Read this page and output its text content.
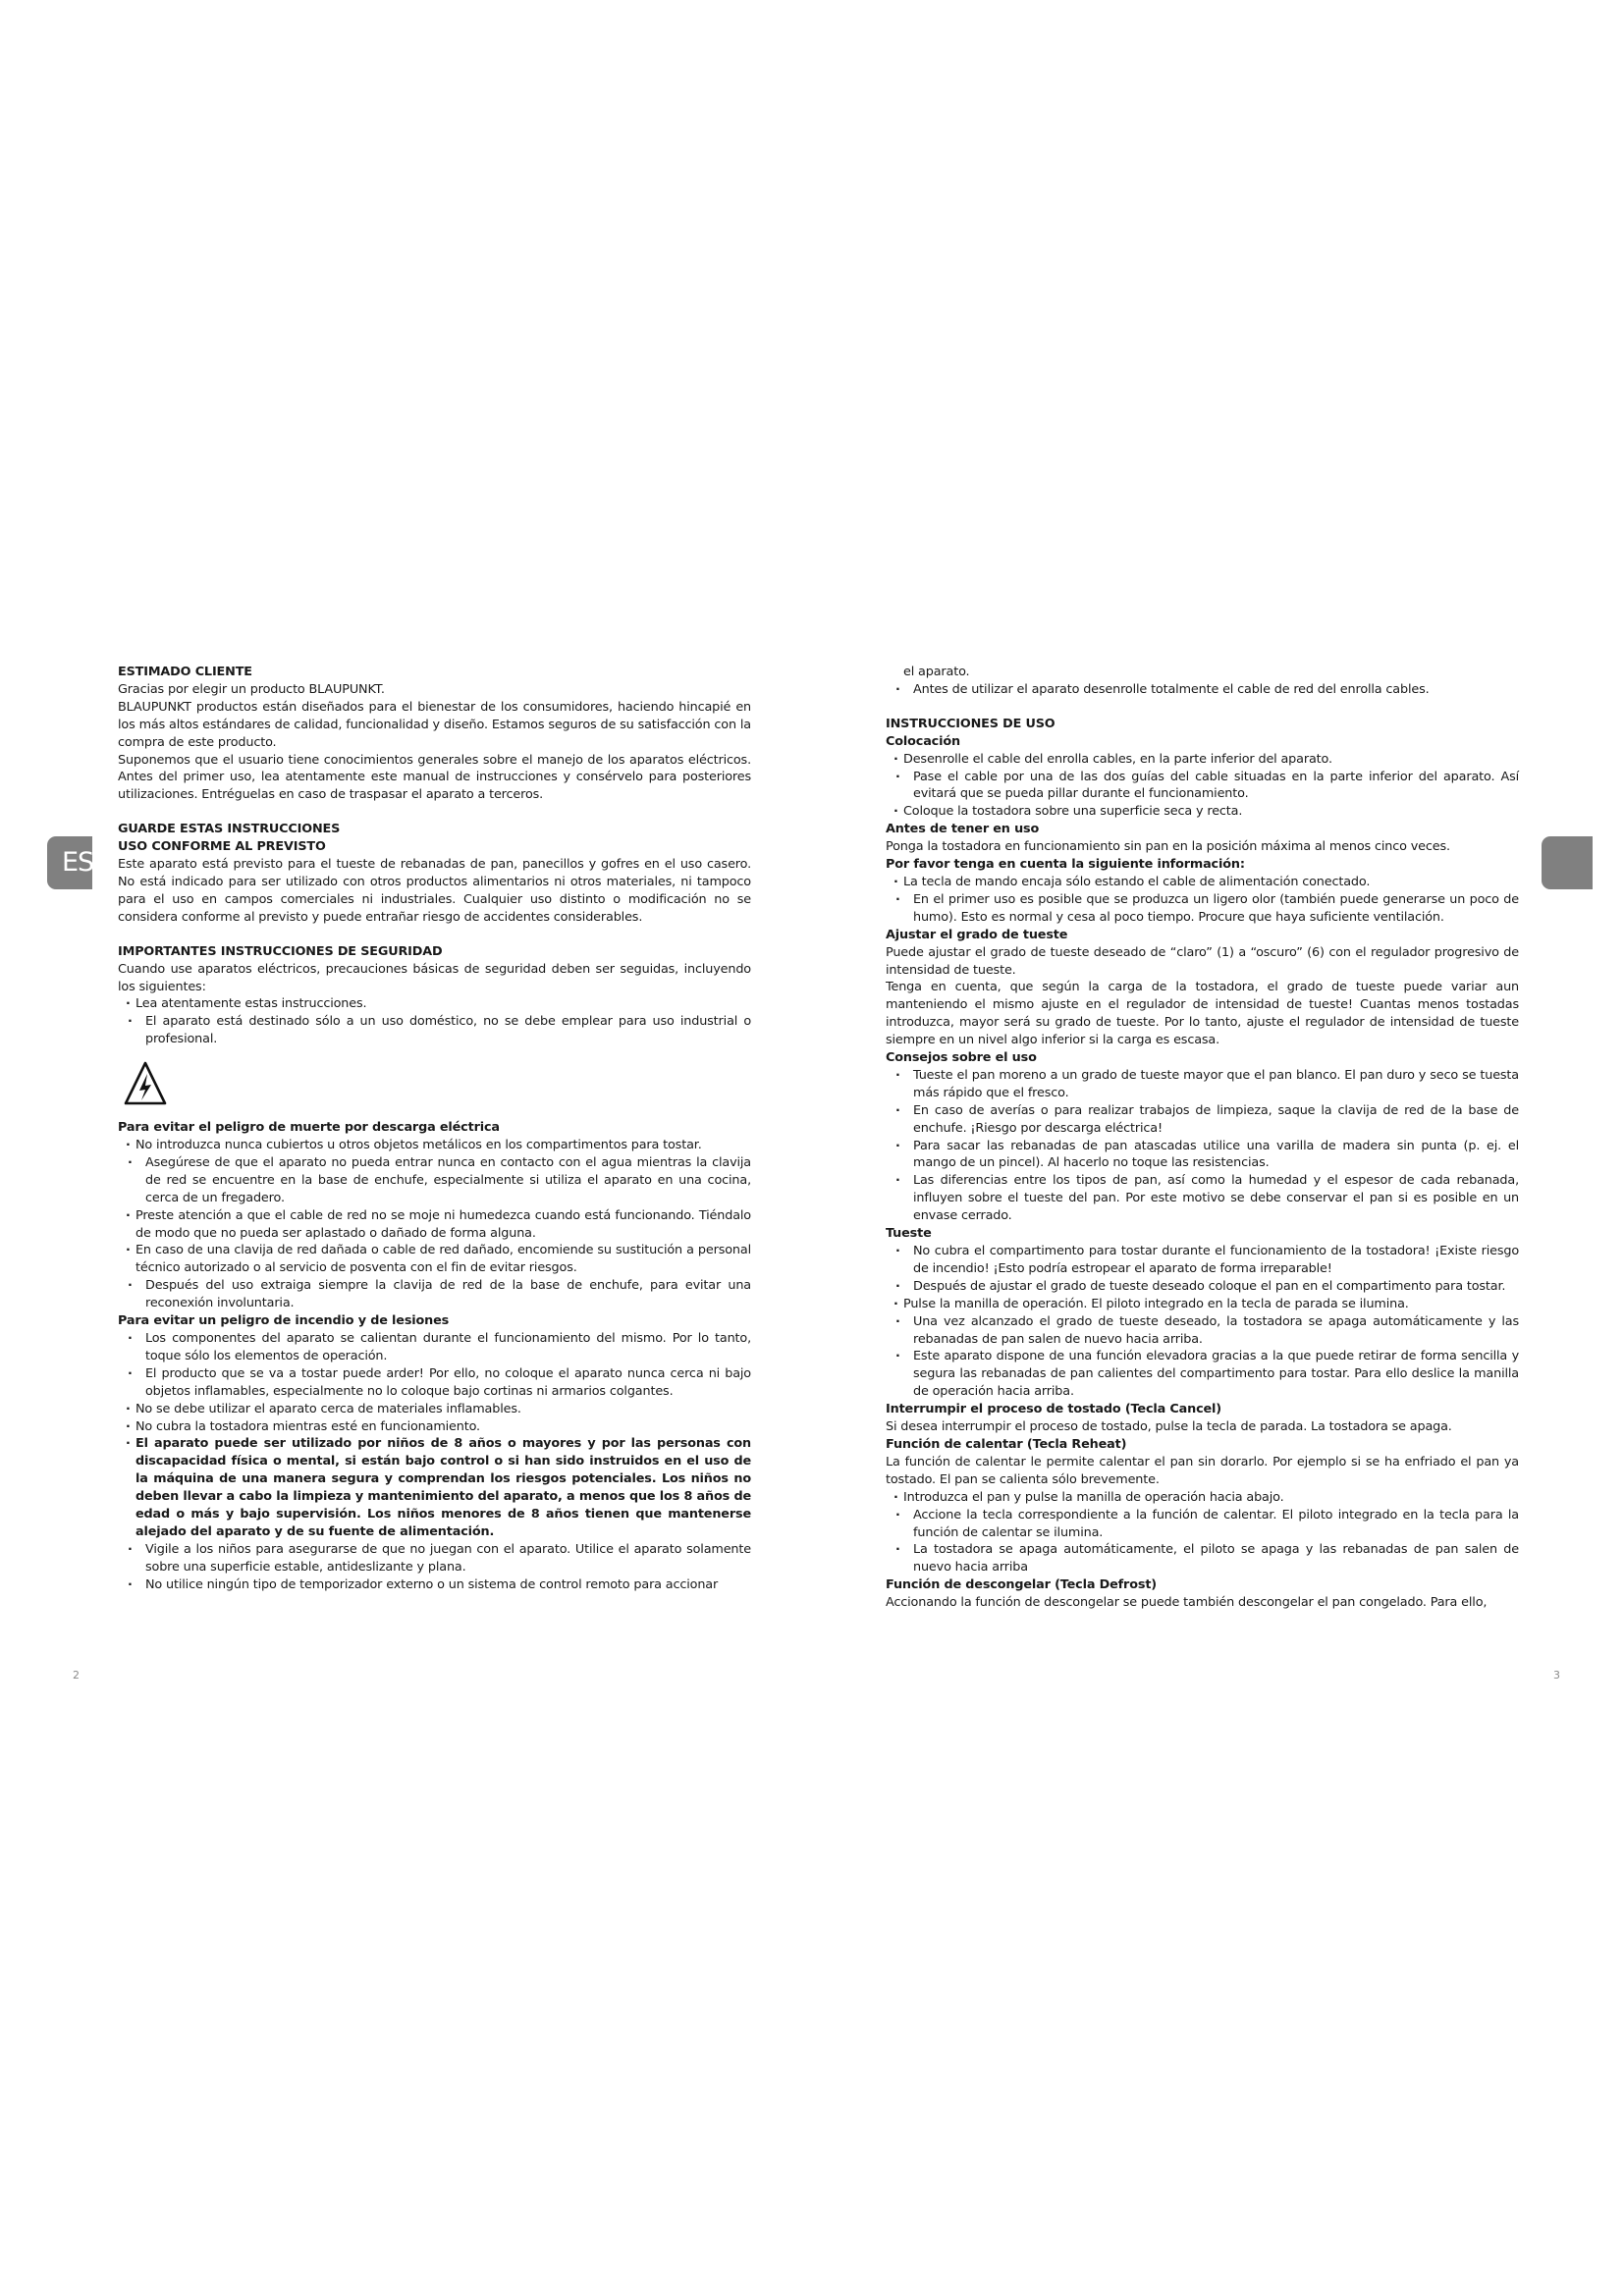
ESE

ESTIMADO CLIENTE

Gracias por elegir un producto BLAUPUNKT.

BLAUPUNKT productos están diseñados para el bienestar de los consumidores, haciendo hincapié en los más altos estándares de calidad, funcionalidad y diseño. Estamos seguros de su satisfacción con la compra de este producto.

Suponemos que el usuario tiene conocimientos generales sobre el manejo de los aparatos eléctricos. Antes del primer uso, lea atentamente este manual de instrucciones y consérvelo para posteriores utilizaciones. Entréguelas en caso de traspasar el aparato a terceros.

GUARDE ESTAS INSTRUCCIONES

USO CONFORME AL PREVISTO

Este aparato está previsto para el tueste de rebanadas de pan, panecillos y gofres en el uso casero. No está indicado para ser utilizado con otros productos alimentarios ni otros materiales, ni tampoco para el uso en campos comerciales ni industriales. Cualquier uso distinto o modificación no se considera conforme al previsto y puede entrañar riesgo de accidentes considerables.

IMPORTANTES INSTRUCCIONES DE SEGURIDAD

Cuando use aparatos eléctricos, precauciones básicas de seguridad deben ser seguidas, incluyendo los siguientes:

· Lea atentamente estas instrucciones.
· El aparato está destinado sólo a un uso doméstico, no se debe emplear para uso industrial o profesional.

Para evitar el peligro de muerte por descarga eléctrica

· No introduzca nunca cubiertos u otros objetos metálicos en los compartimentos para tostar.
· Asegúrese de que el aparato no pueda entrar nunca en contacto con el agua mientras la clavija de red se encuentre en la base de enchufe, especialmente si utiliza el aparato en una cocina, cerca de un fregadero.
· Preste atención a que el cable de red no se moje ni humedezca cuando está funcionando. Tiéndalo de modo que no pueda ser aplastado o dañado de forma alguna.
· En caso de una clavija de red dañada o cable de red dañado, encomiende su sustitución a personal técnico autorizado o al servicio de posventa con el fin de evitar riesgos.
· Después del uso extraiga siempre la clavija de red de la base de enchufe, para evitar una reconexión involuntaria.

Para evitar un peligro de incendio y de lesiones

· Los componentes del aparato se calientan durante el funcionamiento del mismo. Por lo tanto, toque sólo los elementos de operación.
· El producto que se va a tostar puede arder! Por ello, no coloque el aparato nunca cerca ni bajo objetos inflamables, especialmente no lo coloque bajo cortinas ni armarios colgantes.
· No se debe utilizar el aparato cerca de materiales inflamables.
· No cubra la tostadora mientras esté en funcionamiento.
· El aparato puede ser utilizado por niños de 8 años o mayores y por las personas con discapacidad física o mental, si están bajo control o si han sido instruidos en el uso de la máquina de una manera segura y comprendan los riesgos potenciales. Los niños no deben llevar a cabo la limpieza y mantenimiento del aparato, a menos que los 8 años de edad o más y bajo supervisión. Los niños menores de 8 años tienen que mantenerse alejado del aparato y de su fuente de alimentación.
· Vigile a los niños para asegurarse de que no juegan con el aparato. Utilice el aparato solamente sobre una superficie estable, antideslizante y plana.
· No utilice ningún tipo de temporizador externo o un sistema de control remoto para accionar

el aparato.

· Antes de utilizar el aparato desenrolle totalmente el cable de red del enrolla cables.

INSTRUCCIONES DE USO

Colocación

· Desenrolle el cable del enrolla cables, en la parte inferior del aparato.
· Pase el cable por una de las dos guías del cable situadas en la parte inferior del aparato. Así evitará que se pueda pillar durante el funcionamiento.
· Coloque la tostadora sobre una superficie seca y recta.

Antes de tener en uso

Ponga la tostadora en funcionamiento sin pan en la posición máxima al menos cinco veces.

Por favor tenga en cuenta la siguiente información:

· La tecla de mando encaja sólo estando el cable de alimentación conectado.
· En el primer uso es posible que se produzca un ligero olor (también puede generarse un poco de humo). Esto es normal y cesa al poco tiempo. Procure que haya suficiente ventilación.

Ajustar el grado de tueste

Puede ajustar el grado de tueste deseado de “claro” (1) a “oscuro” (6) con el regulador progresivo de intensidad de tueste.

Tenga en cuenta, que según la carga de la tostadora, el grado de tueste puede variar aun manteniendo el mismo ajuste en el regulador de intensidad de tueste! Cuantas menos tostadas introduzca, mayor será su grado de tueste. Por lo tanto, ajuste el regulador de intensidad de tueste siempre en un nivel algo inferior si la carga es escasa.

Consejos sobre el uso

· Tueste el pan moreno a un grado de tueste mayor que el pan blanco. El pan duro y seco se tuesta más rápido que el fresco.
· En caso de averías o para realizar trabajos de limpieza, saque la clavija de red de la base de enchufe. ¡Riesgo por descarga eléctrica!
· Para sacar las rebanadas de pan atascadas utilice una varilla de madera sin punta (p. ej. el mango de un pincel). Al hacerlo no toque las resistencias.
· Las diferencias entre los tipos de pan, así como la humedad y el espesor de cada rebanada, influyen sobre el tueste del pan. Por este motivo se debe conservar el pan si es posible en un envase cerrado.

Tueste

· No cubra el compartimento para tostar durante el funcionamiento de la tostadora! ¡Existe riesgo de incendio! ¡Esto podría estropear el aparato de forma irreparable!
· Después de ajustar el grado de tueste deseado coloque el pan en el compartimento para tostar.
· Pulse la manilla de operación. El piloto integrado en la tecla de parada se ilumina.
· Una vez alcanzado el grado de tueste deseado, la tostadora se apaga automáticamente y las rebanadas de pan salen de nuevo hacia arriba.
· Este aparato dispone de una función elevadora gracias a la que puede retirar de forma sencilla y segura las rebanadas de pan calientes del compartimento para tostar. Para ello deslice la manilla de operación hacia arriba.

Interrumpir el proceso de tostado (Tecla Cancel)

Si desea interrumpir el proceso de tostado, pulse la tecla de parada. La tostadora se apaga.

Función de calentar (Tecla Reheat)

La función de calentar le permite calentar el pan sin dorarlo. Por ejemplo si se ha enfriado el pan ya tostado. El pan se calienta sólo brevemente.

· Introduzca el pan y pulse la manilla de operación hacia abajo.
· Accione la tecla correspondiente a la función de calentar. El piloto integrado en la tecla para la función de calentar se ilumina.
· La tostadora se apaga automáticamente, el piloto se apaga y las rebanadas de pan salen de nuevo hacia arriba

Función de descongelar (Tecla Defrost)

Accionando la función de descongelar se puede también descongelar el pan congelado. Para ello,

2	3
